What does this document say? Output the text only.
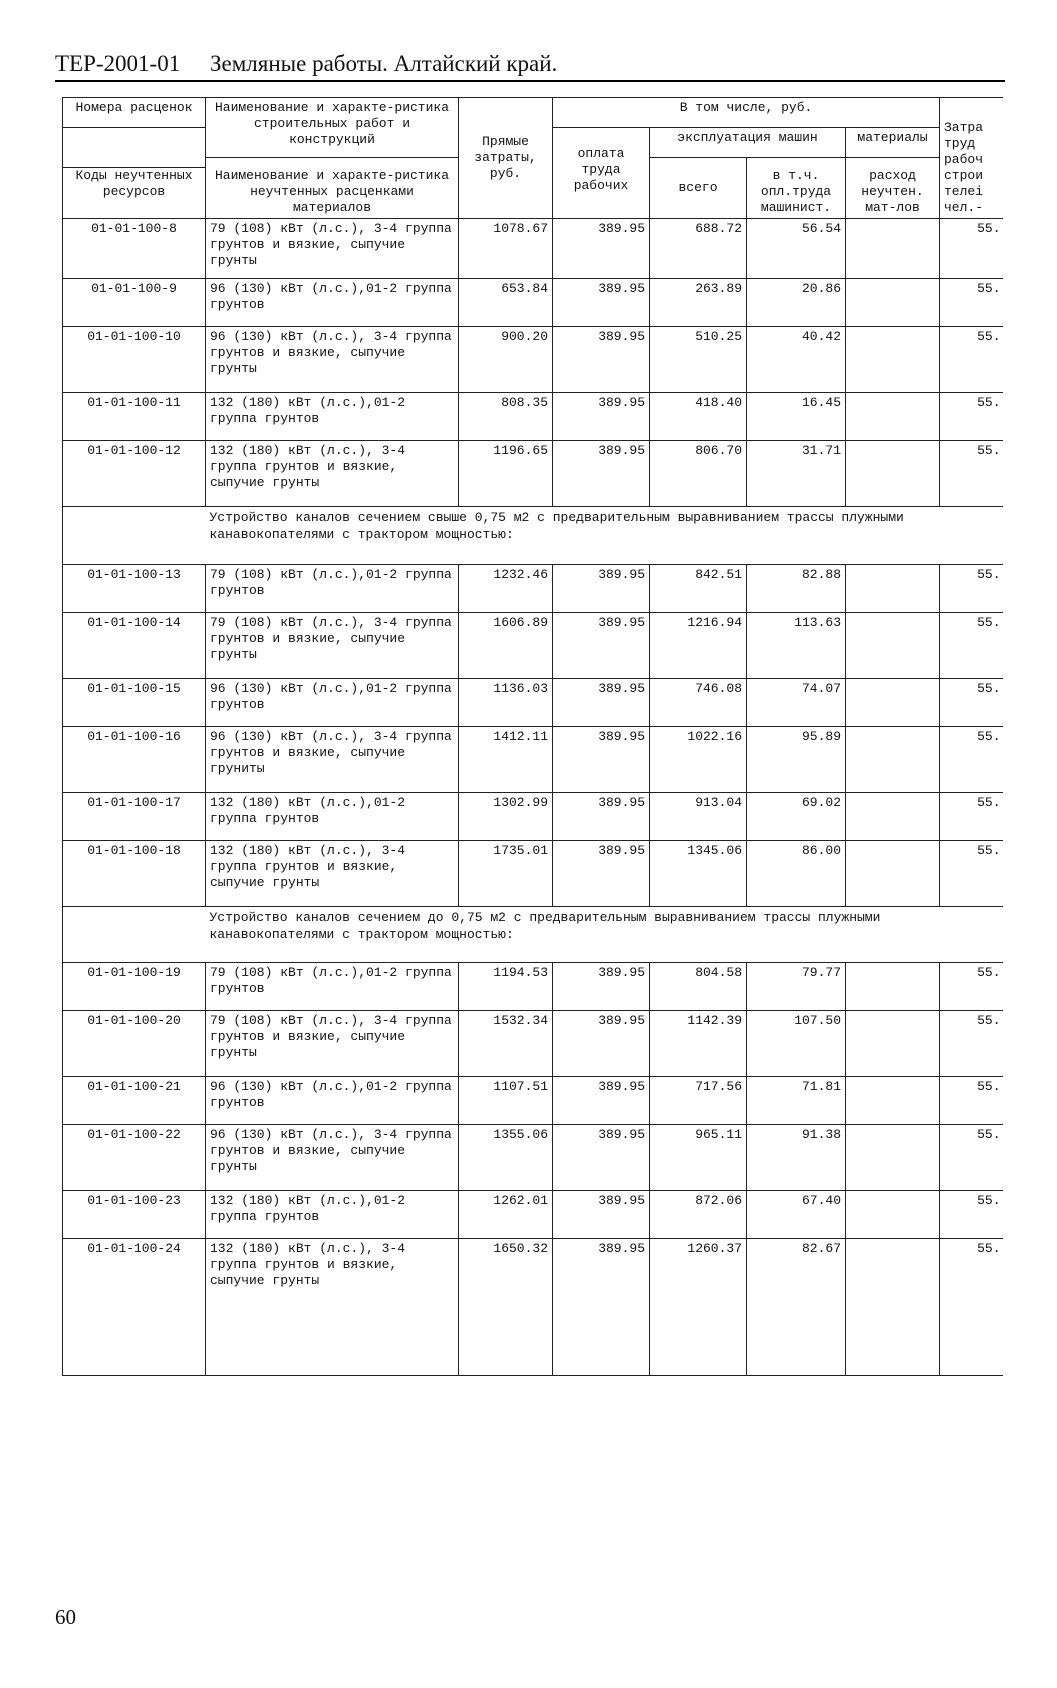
ТЕР-2001-01 Земляные работы. Алтайский край.
Номера расценок	Наименование и характе-ристика строительных работ и конструкций	Прямые затраты, руб.	В том числе, руб.				Затра труд рабоч строи телеі чел.-
			оплата труда рабочих	эксплуатация машин		материалы	
	Наименование и характе-ристика неучтенных расценками материалов			всего	в т.ч. опл.труда машинист.	расход неучтен. мат-лов	
Коды неучтенных ресурсов							
01-01-100-8	79 (108) кВт (л.с.), 3-4 группа грунтов и вязкие, сыпучие грунты	1078.67	389.95	688.72	56.54		55.
01-01-100-9	96 (130) кВт (л.с.),01-2 группа грунтов	653.84	389.95	263.89	20.86		55.
01-01-100-10	96 (130) кВт (л.с.), 3-4 группа грунтов и вязкие, сыпучие грунты	900.20	389.95	510.25	40.42		55.
01-01-100-11	132 (180) кВт (л.с.),01-2 группа грунтов	808.35	389.95	418.40	16.45		55.
01-01-100-12	132 (180) кВт (л.с.), 3-4 группа грунтов и вязкие, сыпучие грунты	1196.65	389.95	806.70	31.71		55.
	Устройство каналов сечением свыше 0,75 м2 с предварительным выравниванием трассы плужными канавокопателями с трактором мощностью:						
01-01-100-13	79 (108) кВт (л.с.),01-2 группа грунтов	1232.46	389.95	842.51	82.88		55.
01-01-100-14	79 (108) кВт (л.с.), 3-4 группа грунтов и вязкие, сыпучие грунты	1606.89	389.95	1216.94	113.63		55.
01-01-100-15	96 (130) кВт (л.с.),01-2 группа грунтов	1136.03	389.95	746.08	74.07		55.
01-01-100-16	96 (130) кВт (л.с.), 3-4 группа грунтов и вязкие, сыпучие груниты	1412.11	389.95	1022.16	95.89		55.
01-01-100-17	132 (180) кВт (л.с.),01-2 группа грунтов	1302.99	389.95	913.04	69.02		55.
01-01-100-18	132 (180) кВт (л.с.), 3-4 группа грунтов и вязкие, сыпучие грунты	1735.01	389.95	1345.06	86.00		55.
	Устройство каналов сечением до 0,75 м2 с предварительным выравниванием трассы плужными канавокопателями с трактором мощностью:						
01-01-100-19	79 (108) кВт (л.с.),01-2 группа грунтов	1194.53	389.95	804.58	79.77		55.
01-01-100-20	79 (108) кВт (л.с.), 3-4 группа грунтов и вязкие, сыпучие грунты	1532.34	389.95	1142.39	107.50		55.
01-01-100-21	96 (130) кВт (л.с.),01-2 группа грунтов	1107.51	389.95	717.56	71.81		55.
01-01-100-22	96 (130) кВт (л.с.), 3-4 группа грунтов и вязкие, сыпучие грунты	1355.06	389.95	965.11	91.38		55.
01-01-100-23	132 (180) кВт (л.с.),01-2 группа грунтов	1262.01	389.95	872.06	67.40		55.
01-01-100-24	132 (180) кВт (л.с.), 3-4 группа грунтов и вязкие, сыпучие грунты	1650.32	389.95	1260.37	82.67		55.
60
